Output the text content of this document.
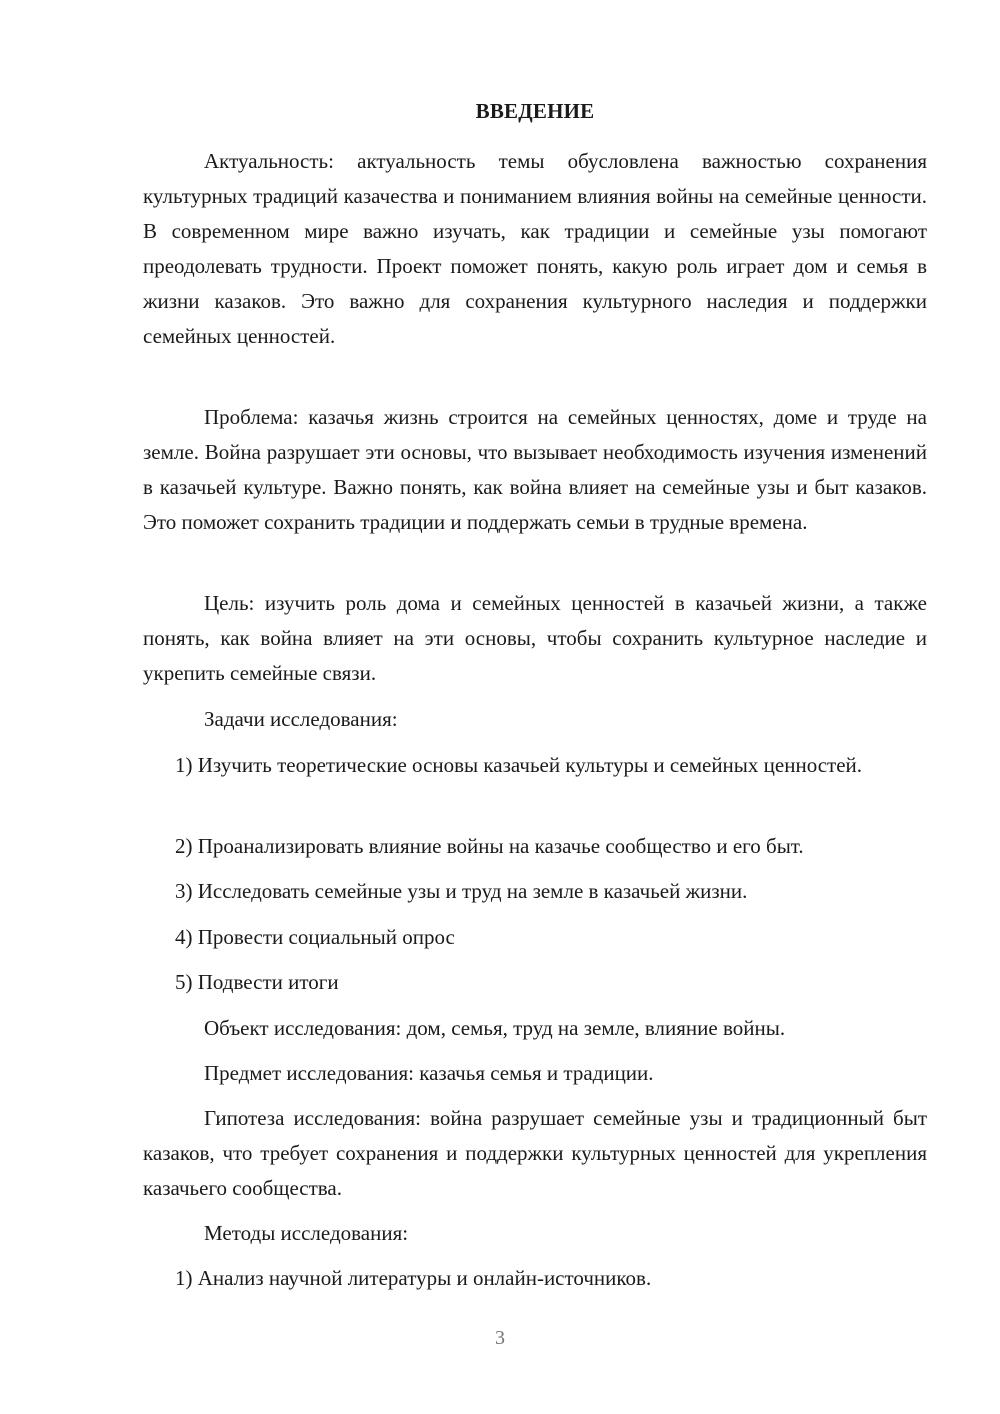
ВВЕДЕНИЕ

Актуальность: актуальность темы обусловлена важностью сохранения культурных традиций казачества и пониманием влияния войны на семейные ценности. В современном мире важно изучать, как традиции и семейные узы помогают преодолевать трудности. Проект поможет понять, какую роль играет дом и семья в жизни казаков. Это важно для сохранения культурного наследия и поддержки семейных ценностей.

Проблема: казачья жизнь строится на семейных ценностях, доме и труде на земле. Война разрушает эти основы, что вызывает необходимость изучения изменений в казачьей культуре. Важно понять, как война влияет на семейные узы и быт казаков. Это поможет сохранить традиции и поддержать семьи в трудные времена.

Цель: изучить роль дома и семейных ценностей в казачьей жизни, а также понять, как война влияет на эти основы, чтобы сохранить культурное наследие и укрепить семейные связи.

Задачи исследования:

1) Изучить теоретические основы казачьей культуры и семейных ценностей.

2) Проанализировать влияние войны на казачье сообщество и его быт.

3) Исследовать семейные узы и труд на земле в казачьей жизни.

4) Провести социальный опрос

5) Подвести итоги

Объект исследования: дом, семья, труд на земле, влияние войны.

Предмет исследования: казачья семья и традиции.

Гипотеза исследования: война разрушает семейные узы и традиционный быт казаков, что требует сохранения и поддержки культурных ценностей для укрепления казачьего сообщества.

Методы исследования:

1) Анализ научной литературы и онлайн-источников.

3
